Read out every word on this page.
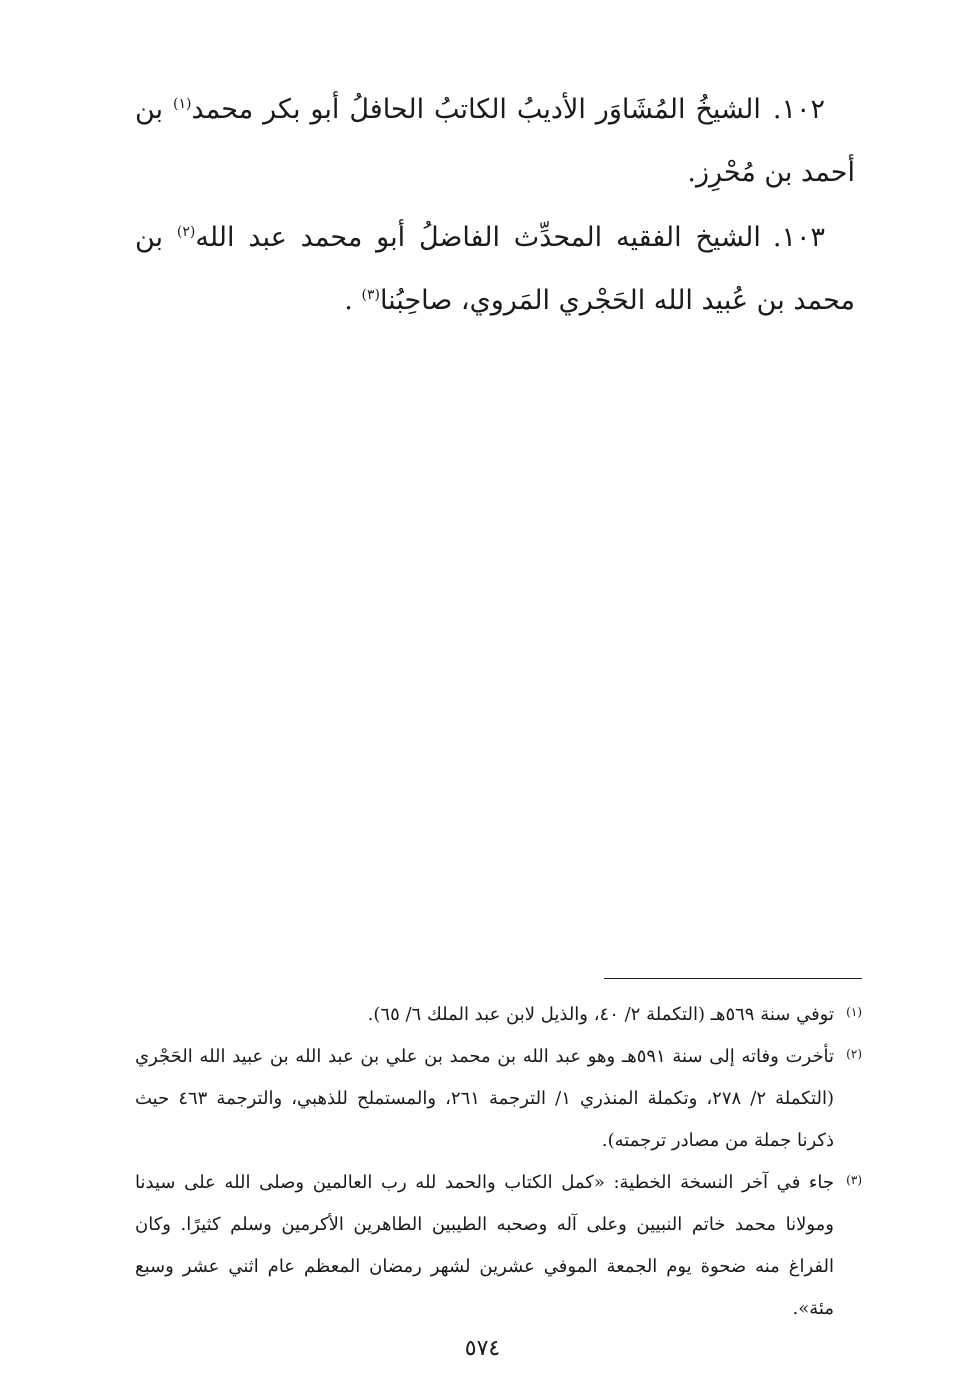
١٠٢.الشيخُ المُشَاوَر الأديبُ الكاتبُ الحافلُ أبو بكر محمد$^{(١)}$ بن أحمد بن مُحْرِز.

١٠٣.الشيخ الفقيه المحدِّث الفاضلُ أبو محمد عبد الله$^{(٢)}$ بن محمد بن عُبيد الله الحَجْري المَروي، صاحِبُنا$^{(٣)}$ .

(١)
توفي سنة ٥٦٩هـ (التكملة ٢/ ٤٠، والذيل لابن عبد الملك ٦/ ٦٥).
(٢)
تأخرت وفاته إلى سنة ٥٩١هـ وهو عبد الله بن محمد بن علي بن عبد الله بن عبيد الله الحَجْري (التكملة ٢/ ٢٧٨، وتكملة المنذري ١/ الترجمة ٢٦١، والمستملح للذهبي، والترجمة ٤٦٣ حيث ذكرنا جملة من مصادر ترجمته).
(٣)
جاء في آخر النسخة الخطية: «كمل الكتاب والحمد لله رب العالمين وصلى الله على سيدنا ومولانا محمد خاتم النبيين وعلى آله وصحبه الطيبين الطاهرين الأكرمين وسلم كثيرًا. وكان الفراغ منه ضحوة يوم الجمعة الموفي عشرين لشهر رمضان المعظم عام اثني عشر وسبع مئة».
٥٧٤
